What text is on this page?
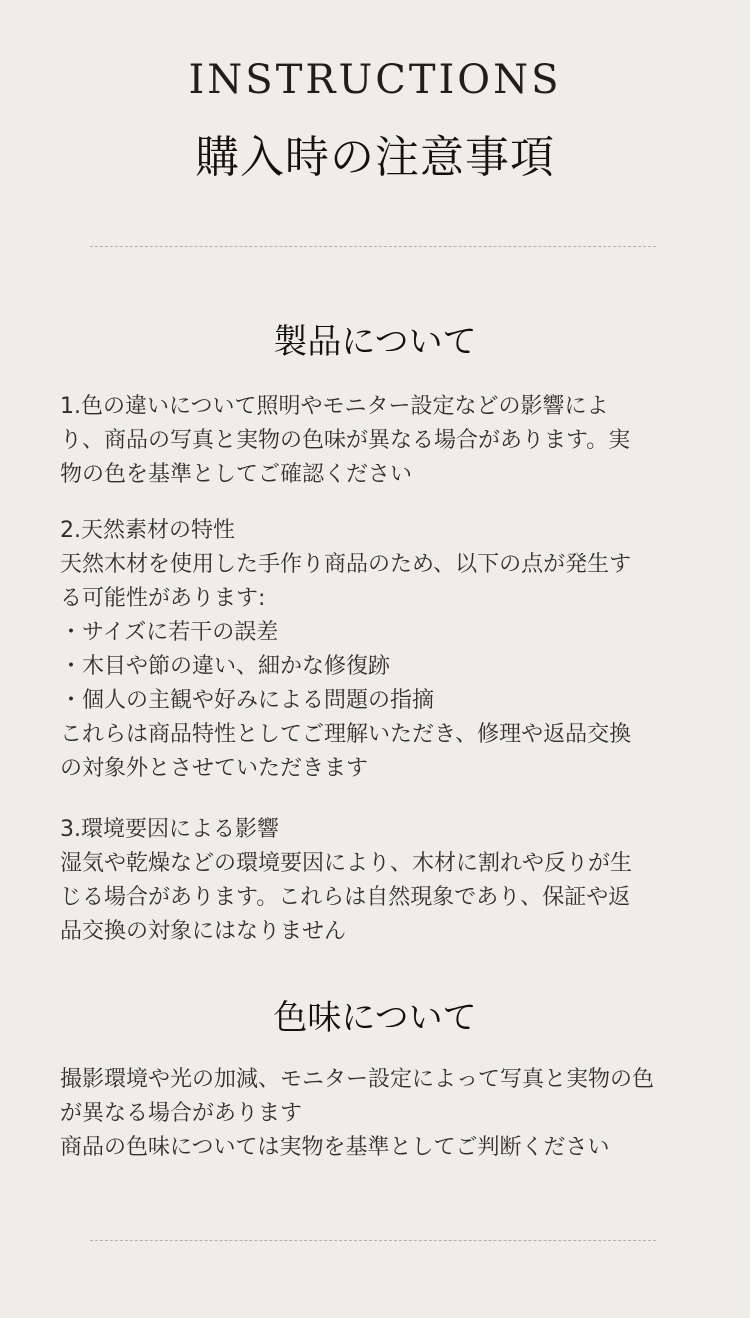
INSTRUCTIONS
購入時の注意事項
製品について

1.色の違いについて照明やモニター設定などの影響によ

り、商品の写真と実物の色味が異なる場合があります。実

物の色を基準としてご確認ください

2.天然素材の特性

天然木材を使用した手作り商品のため、以下の点が発生す

る可能性があります:

・サイズに若干の誤差

・木目や節の違い、細かな修復跡

・個人の主観や好みによる問題の指摘

これらは商品特性としてご理解いただき、修理や返品交換

の対象外とさせていただきます

3.環境要因による影響

湿気や乾燥などの環境要因により、木材に割れや反りが生

じる場合があります。これらは自然現象であり、保証や返

品交換の対象にはなりません

色味について

撮影環境や光の加減、モニター設定によって写真と実物の色

が異なる場合があります

商品の色味については実物を基準としてご判断ください
